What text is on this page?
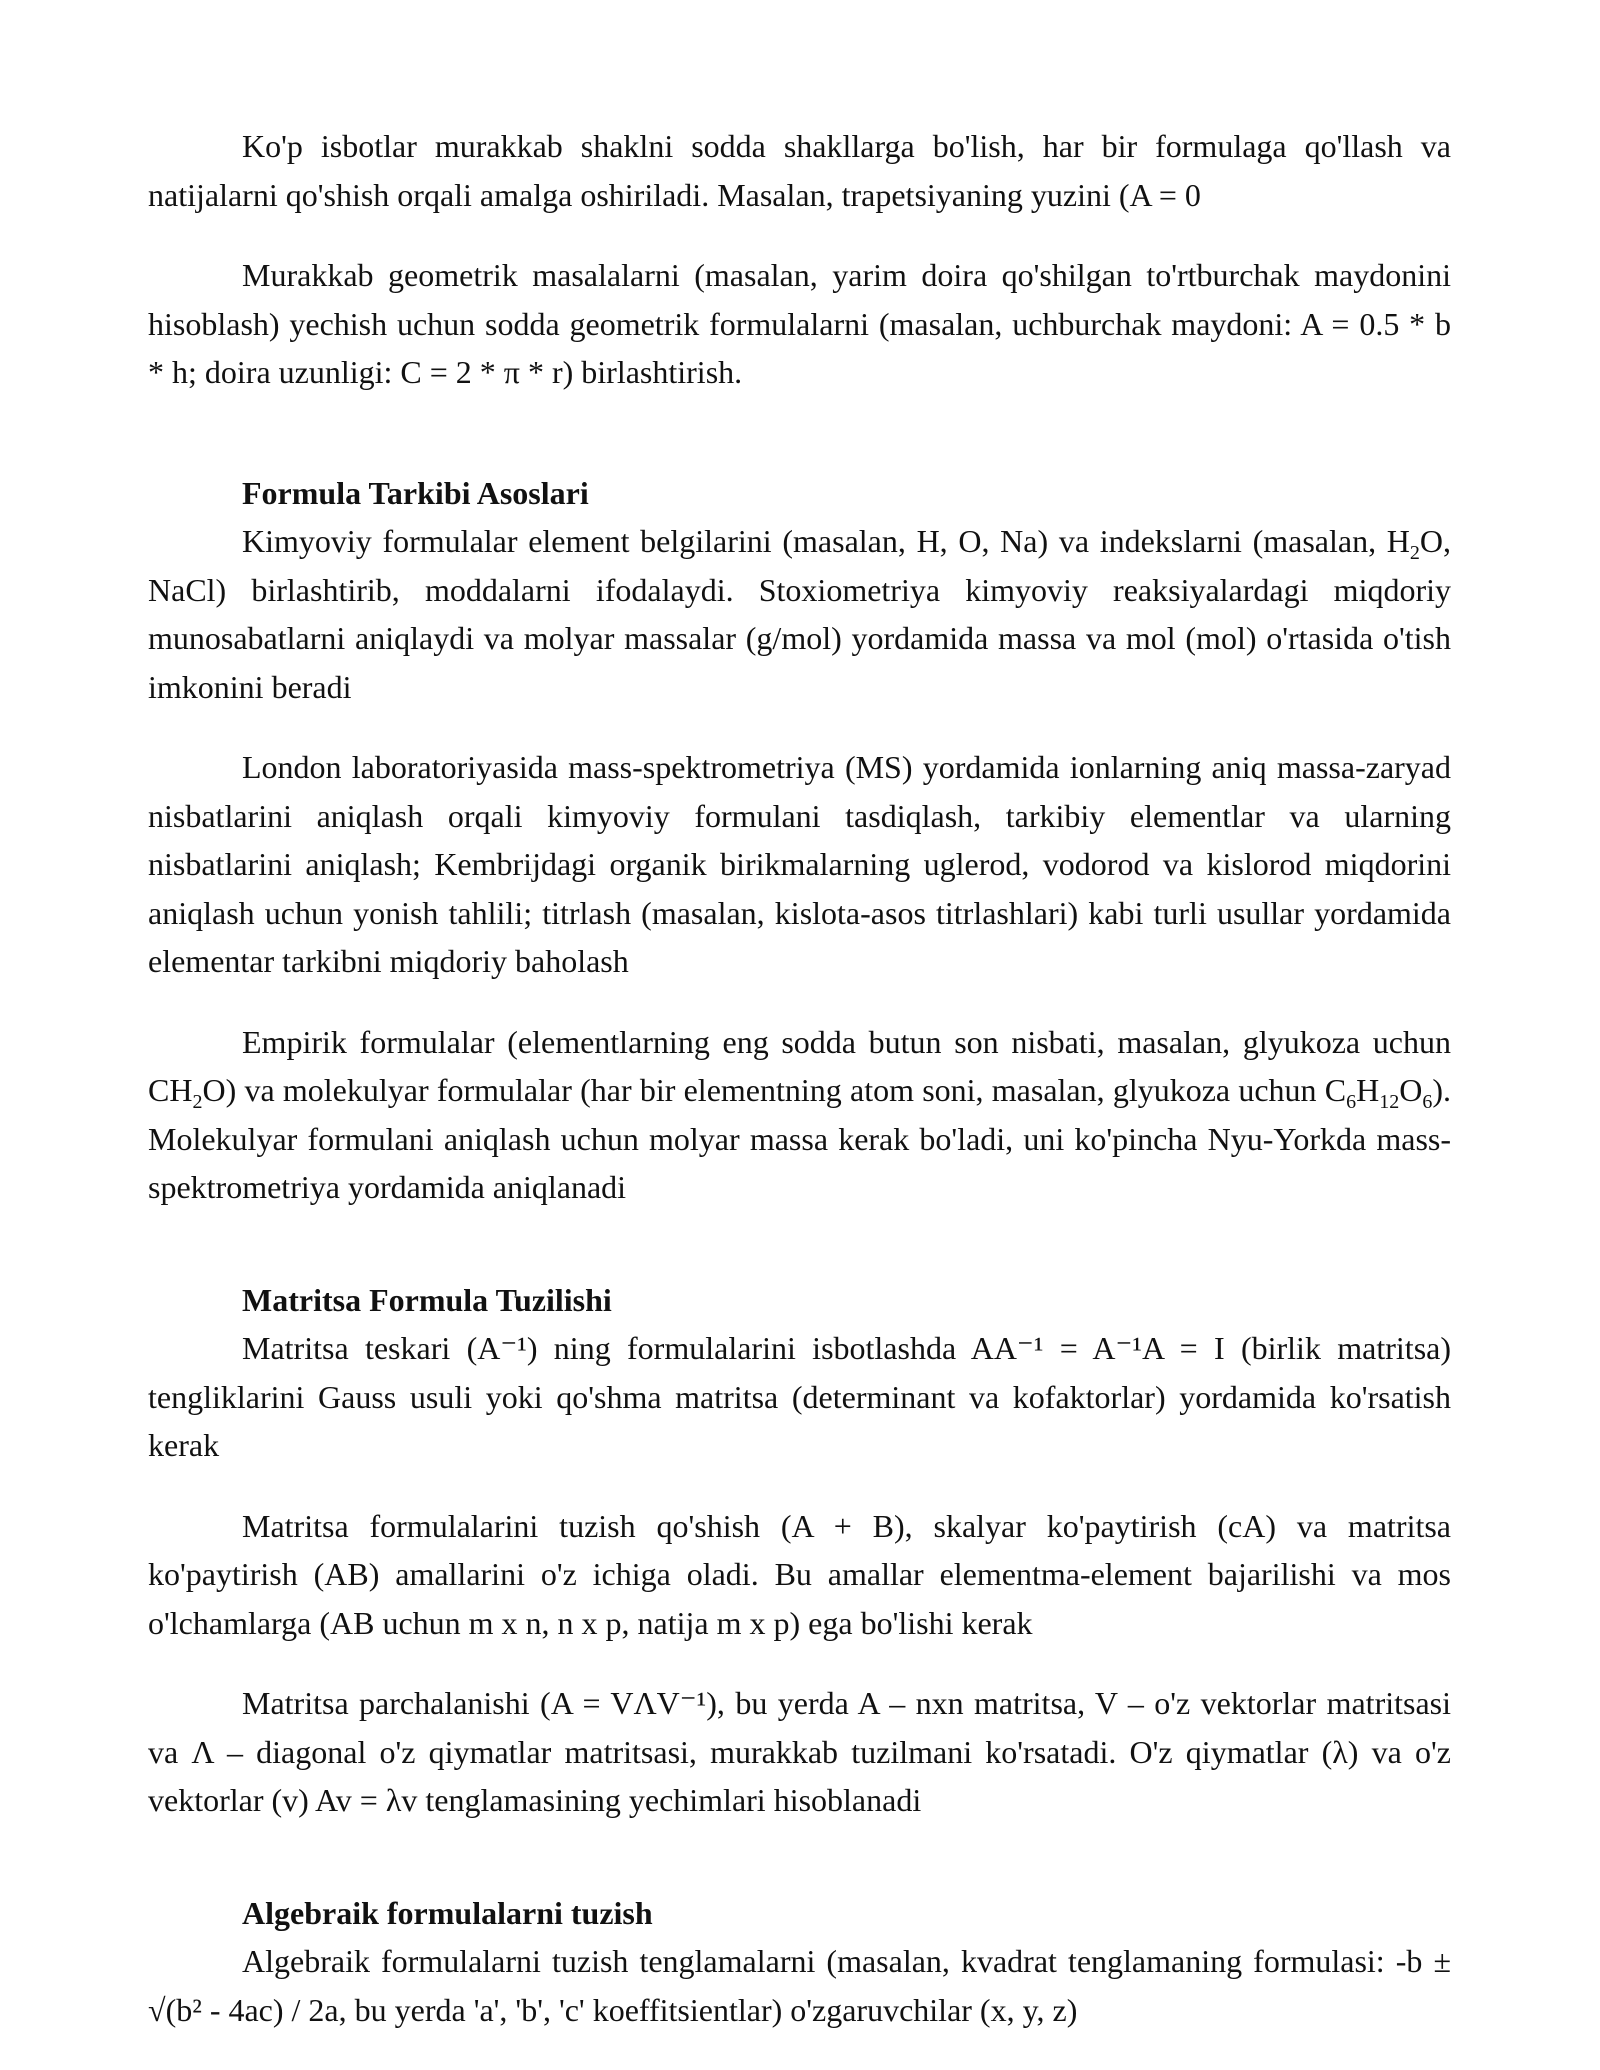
Ko'p isbotlar murakkab shaklni sodda shakllarga bo'lish, har bir formulaga qo'llash va natijalarni qo'shish orqali amalga oshiriladi. Masalan, trapetsiyaning yuzini (A = 0

Murakkab geometrik masalalarni (masalan, yarim doira qo'shilgan to'rtburchak maydonini hisoblash) yechish uchun sodda geometrik formulalarni (masalan, uchburchak maydoni: A = 0.5 * b * h; doira uzunligi: C = 2 * π * r) birlashtirish.

Formula Tarkibi Asoslari

Kimyoviy formulalar element belgilarini (masalan, H, O, Na) va indekslarni (masalan, $H_2O$, NaCl) birlashtirib, moddalarni ifodalaydi. Stoxiometriya kimyoviy reaksiyalardagi miqdoriy munosabatlarni aniqlaydi va molyar massalar (g/mol) yordamida massa va mol (mol) o'rtasida o'tish imkonini beradi

London laboratoriyasida mass-spektrometriya (MS) yordamida ionlarning aniq massa-zaryad nisbatlarini aniqlash orqali kimyoviy formulani tasdiqlash, tarkibiy elementlar va ularning nisbatlarini aniqlash; Kembrijdagi organik birikmalarning uglerod, vodorod va kislorod miqdorini aniqlash uchun yonish tahlili; titrlash (masalan, kislota-asos titrlashlari) kabi turli usullar yordamida elementar tarkibni miqdoriy baholash

Empirik formulalar (elementlarning eng sodda butun son nisbati, masalan, glyukoza uchun $CH_2O$) va molekulyar formulalar (har bir elementning atom soni, masalan, glyukoza uchun $C_6H_{12}O_6$). Molekulyar formulani aniqlash uchun molyar massa kerak bo'ladi, uni ko'pincha Nyu-Yorkda mass-spektrometriya yordamida aniqlanadi

Matritsa Formula Tuzilishi

Matritsa teskari (A⁻¹) ning formulalarini isbotlashda AA⁻¹ = A⁻¹A = I (birlik matritsa) tengliklarini Gauss usuli yoki qo'shma matritsa (determinant va kofaktorlar) yordamida ko'rsatish kerak

Matritsa formulalarini tuzish qo'shish (A + B), skalyar ko'paytirish (cA) va matritsa ko'paytirish (AB) amallarini o'z ichiga oladi. Bu amallar elementma-element bajarilishi va mos o'lchamlarga (AB uchun m x n, n x p, natija m x p) ega bo'lishi kerak

Matritsa parchalanishi (A = VΛV⁻¹), bu yerda A – nxn matritsa, V – o'z vektorlar matritsasi va Λ – diagonal o'z qiymatlar matritsasi, murakkab tuzilmani ko'rsatadi. O'z qiymatlar (λ) va o'z vektorlar (v) Av = λv tenglamasining yechimlari hisoblanadi

Algebraik formulalarni tuzish

Algebraik formulalarni tuzish tenglamalarni (masalan, kvadrat tenglamaning formulasi: -b ± √(b² - 4ac) / 2a, bu yerda 'a', 'b', 'c' koeffitsientlar) o'zgaruvchilar (x, y, z)
